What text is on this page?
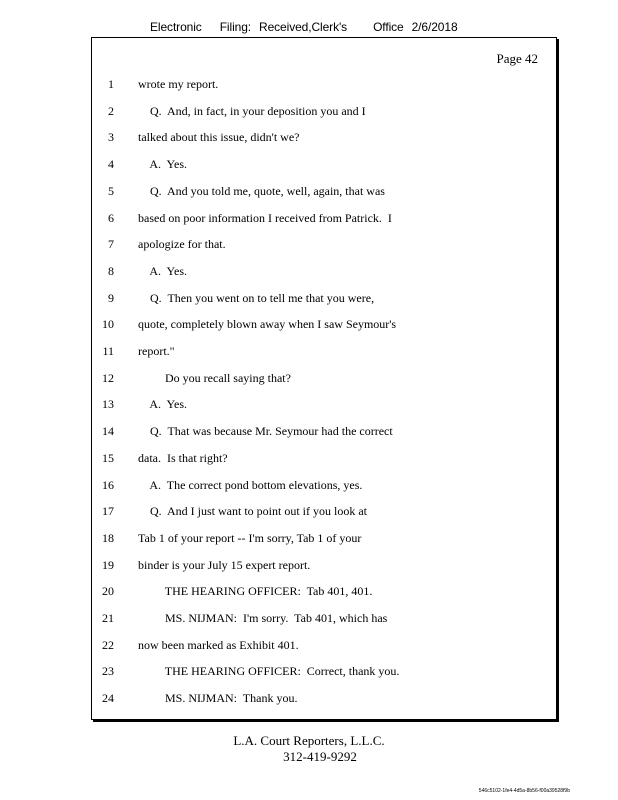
Electronic Filing: Received,Clerk's Office 2/6/2018
Page 42
1 wrote my report.
2 Q.  And, in fact, in your deposition you and I
3 talked about this issue, didn't we?
4 A.  Yes.
5 Q.  And you told me, quote, well, again, that was
6 based on poor information I received from Patrick.  I
7 apologize for that.
8 A.  Yes.
9 Q.  Then you went on to tell me that you were,
10 quote, completely blown away when I saw Seymour's
11 report."
12 Do you recall saying that?
13 A.  Yes.
14 Q.  That was because Mr. Seymour had the correct
15 data.  Is that right?
16 A.  The correct pond bottom elevations, yes.
17 Q.  And I just want to point out if you look at
18 Tab 1 of your report -- I'm sorry, Tab 1 of your
19 binder is your July 15 expert report.
20 THE HEARING OFFICER:  Tab 401, 401.
21 MS. NIJMAN:  I'm sorry.  Tab 401, which has
22 now been marked as Exhibit 401.
23 THE HEARING OFFICER:  Correct, thank you.
24 MS. NIJMAN:  Thank you.
L.A. Court Reporters, L.L.C.
312-419-9292
546c5102-1fe4-4d5a-8b56-f00a39528f9b
